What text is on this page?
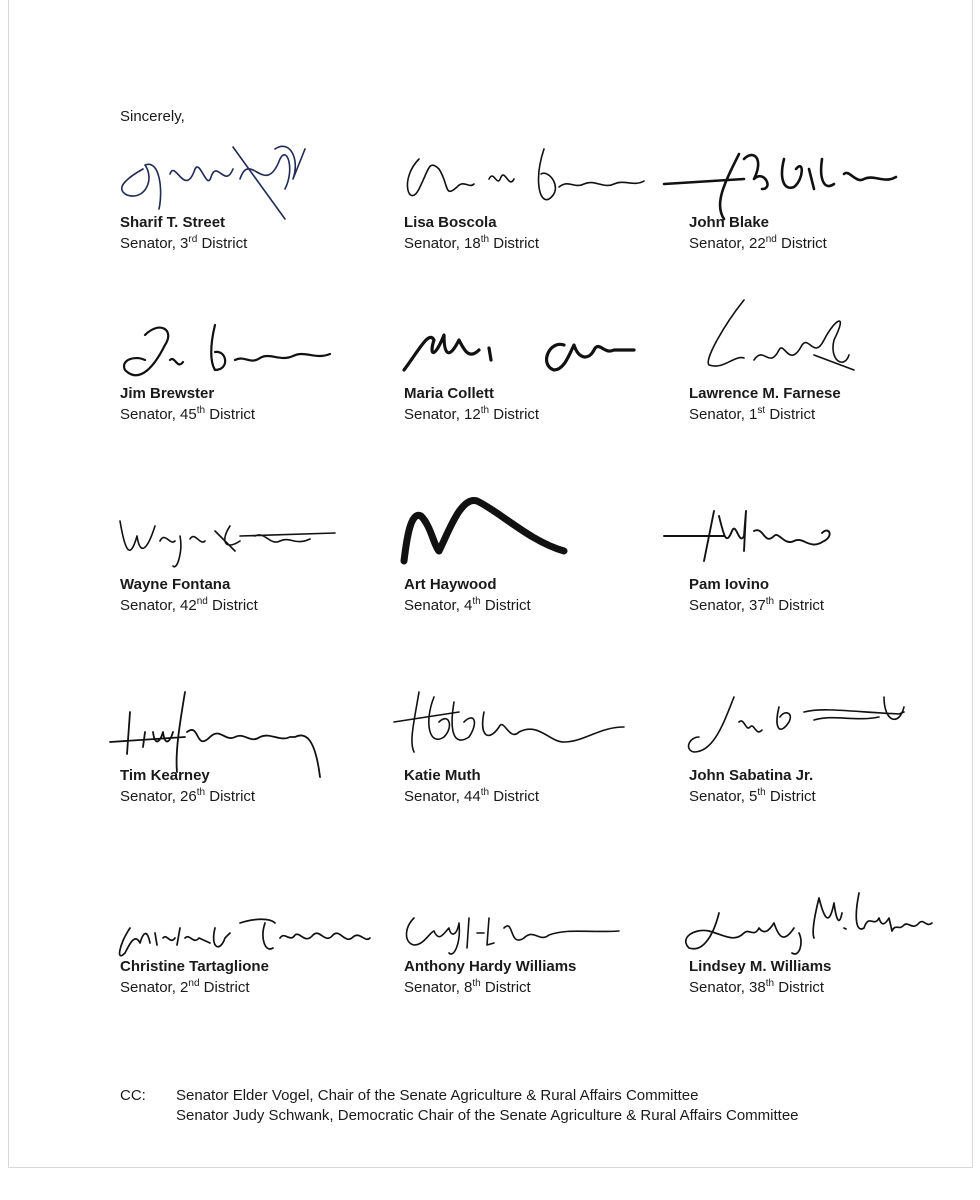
Sincerely,
Sharif T. Street
Senator, 3rd District
Lisa Boscola
Senator, 18th District
John Blake
Senator, 22nd District
Jim Brewster
Senator, 45th District
Maria Collett
Senator, 12th District
Lawrence M. Farnese
Senator, 1st District
Wayne Fontana
Senator, 42nd District
Art Haywood
Senator, 4th District
Pam Iovino
Senator, 37th District
Tim Kearney
Senator, 26th District
Katie Muth
Senator, 44th District
John Sabatina Jr.
Senator, 5th District
Christine Tartaglione
Senator, 2nd District
Anthony Hardy Williams
Senator, 8th District
Lindsey M. Williams
Senator, 38th District
CC: Senator Elder Vogel, Chair of the Senate Agriculture & Rural Affairs Committee
Senator Judy Schwank, Democratic Chair of the Senate Agriculture & Rural Affairs Committee
